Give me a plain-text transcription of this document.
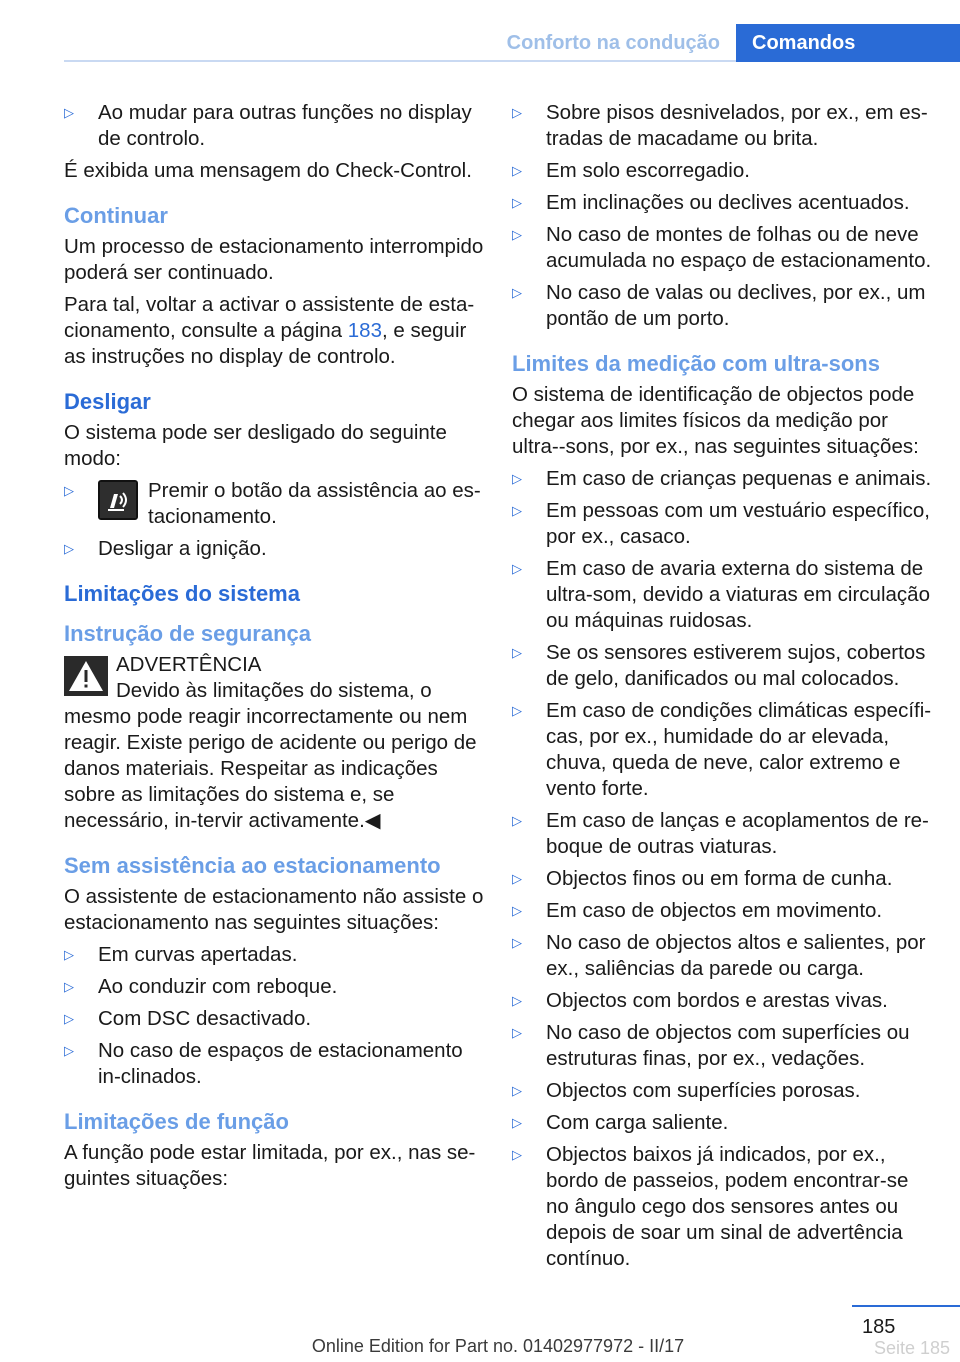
Conforto na condução	Comandos
▷ Ao mudar para outras funções no display de controlo.

É exibida uma mensagem do Check-Control.

Continuar

Um processo de estacionamento interrompido poderá ser continuado.

Para tal, voltar a activar o assistente de esta-cionamento, consulte a página 183, e seguir as instruções no display de controlo.

Desligar

O sistema pode ser desligado do seguinte modo:

▷	Premir o botão da assistência ao es-tacionamento.
▷ Desligar a ignição.
Limitações do sistema
Instrução de segurança
ADVERTÊNCIA
Devido às limitações do sistema, o mesmo pode reagir incorrectamente ou nem reagir. Existe perigo de acidente ou perigo de danos materiais. Respeitar as indicações sobre as limitações do sistema e, se necessário, in-tervir activamente.◀
Sem assistência ao estacionamento

O assistente de estacionamento não assiste o estacionamento nas seguintes situações:

▷ Em curvas apertadas.
▷ Ao conduzir com reboque.
▷ Com DSC desactivado.
▷ No caso de espaços de estacionamento in-clinados.
Limitações de função

A função pode estar limitada, por ex., nas se-guintes situações:

▷ Sobre pisos desnivelados, por ex., em es-tradas de macadame ou brita.
▷ Em solo escorregadio.
▷ Em inclinações ou declives acentuados.
▷ No caso de montes de folhas ou de neve acumulada no espaço de estacionamento.
▷ No caso de valas ou declives, por ex., um pontão de um porto.
Limites da medição com ultra-sons

O sistema de identificação de objectos pode chegar aos limites físicos da medição por ultra--sons, por ex., nas seguintes situações:

▷ Em caso de crianças pequenas e animais.
▷ Em pessoas com um vestuário específico, por ex., casaco.
▷ Em caso de avaria externa do sistema de ultra-som, devido a viaturas em circulação ou máquinas ruidosas.
▷ Se os sensores estiverem sujos, cobertos de gelo, danificados ou mal colocados.
▷ Em caso de condições climáticas específi-cas, por ex., humidade do ar elevada, chuva, queda de neve, calor extremo e vento forte.
▷ Em caso de lanças e acoplamentos de re-boque de outras viaturas.
▷ Objectos finos ou em forma de cunha.
▷ Em caso de objectos em movimento.
▷ No caso de objectos altos e salientes, por ex., saliências da parede ou carga.
▷ Objectos com bordos e arestas vivas.
▷ No caso de objectos com superfícies ou estruturas finas, por ex., vedações.
▷ Objectos com superfícies porosas.
▷ Com carga saliente.
▷ Objectos baixos já indicados, por ex., bordo de passeios, podem encontrar-se no ângulo cego dos sensores antes ou depois de soar um sinal de advertência contínuo.
185
Online Edition for Part no. 01402977972 - II/17	Seite 185
